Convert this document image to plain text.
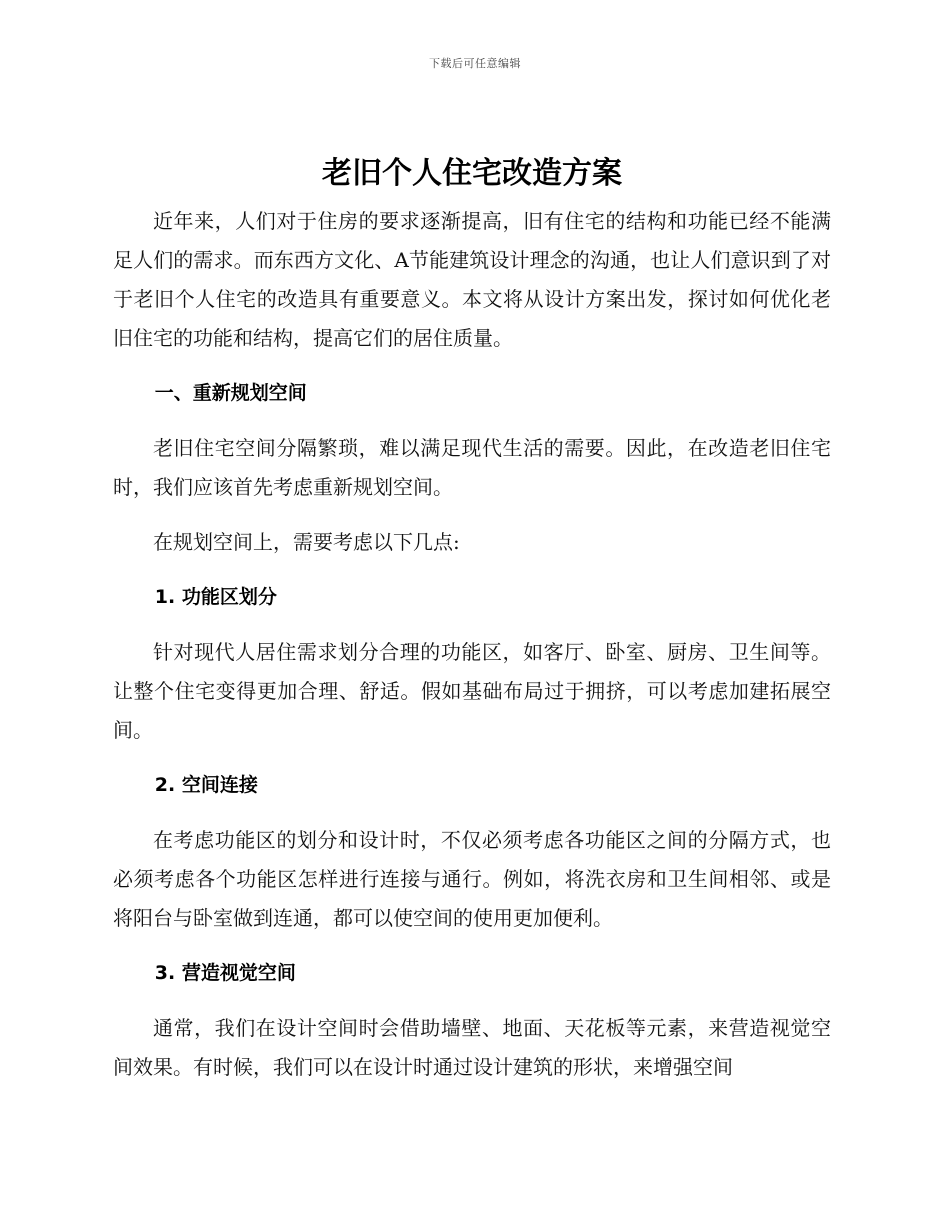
下载后可任意编辑
老旧个人住宅改造方案

近年来，人们对于住房的要求逐渐提高，旧有住宅的结构和功能已经不能满足人们的需求。而东西方文化、A节能建筑设计理念的沟通，也让人们意识到了对于老旧个人住宅的改造具有重要意义。本文将从设计方案出发，探讨如何优化老旧住宅的功能和结构，提高它们的居住质量。

一、重新规划空间

老旧住宅空间分隔繁琐，难以满足现代生活的需要。因此，在改造老旧住宅时，我们应该首先考虑重新规划空间。

在规划空间上，需要考虑以下几点:

1. 功能区划分

针对现代人居住需求划分合理的功能区，如客厅、卧室、厨房、卫生间等。让整个住宅变得更加合理、舒适。假如基础布局过于拥挤，可以考虑加建拓展空间。

2. 空间连接

在考虑功能区的划分和设计时，不仅必须考虑各功能区之间的分隔方式，也必须考虑各个功能区怎样进行连接与通行。例如，将洗衣房和卫生间相邻、或是将阳台与卧室做到连通，都可以使空间的使用更加便利。

3. 营造视觉空间

通常，我们在设计空间时会借助墙壁、地面、天花板等元素，来营造视觉空间效果。有时候，我们可以在设计时通过设计建筑的形状，来增强空间
